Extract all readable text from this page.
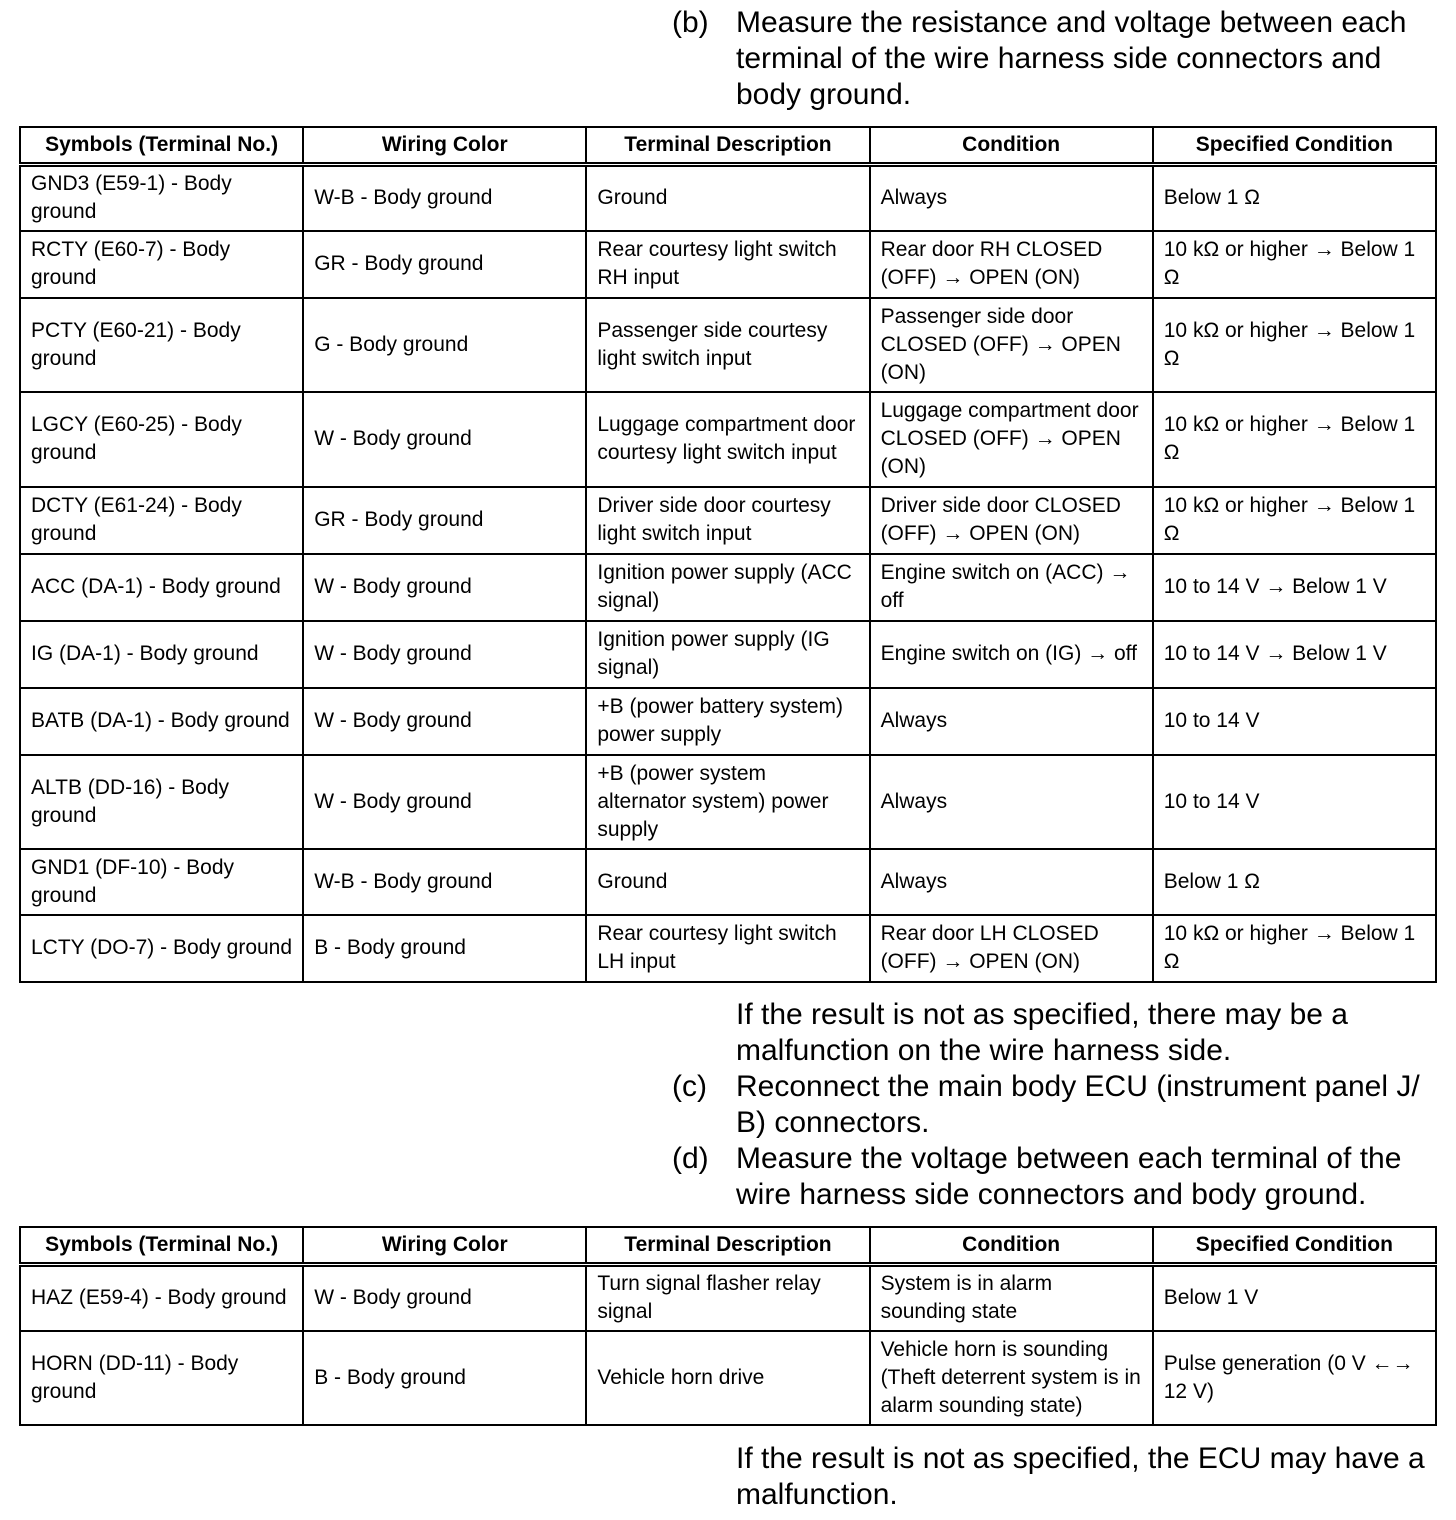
(b) Measure the resistance and voltage between each terminal of the wire harness side connectors and body ground.
Symbols (Terminal No.)	Wiring Color	Terminal Description	Condition	Specified Condition
GND3 (E59-1) - Body ground	W-B - Body ground	Ground	Always	Below 1 Ω
RCTY (E60-7) - Body ground	GR - Body ground	Rear courtesy light switch RH input	Rear door RH CLOSED (OFF) → OPEN (ON)	10 kΩ or higher → Below 1 Ω
PCTY (E60-21) - Body ground	G - Body ground	Passenger side courtesy light switch input	Passenger side door CLOSED (OFF) → OPEN (ON)	10 kΩ or higher → Below 1 Ω
LGCY (E60-25) - Body ground	W - Body ground	Luggage compartment door courtesy light switch input	Luggage compartment door CLOSED (OFF) → OPEN (ON)	10 kΩ or higher → Below 1 Ω
DCTY (E61-24) - Body ground	GR - Body ground	Driver side door courtesy light switch input	Driver side door CLOSED (OFF) → OPEN (ON)	10 kΩ or higher → Below 1 Ω
ACC (DA-1) - Body ground	W - Body ground	Ignition power supply (ACC signal)	Engine switch on (ACC) → off	10 to 14 V → Below 1 V
IG (DA-1) - Body ground	W - Body ground	Ignition power supply (IG signal)	Engine switch on (IG) → off	10 to 14 V → Below 1 V
BATB (DA-1) - Body ground	W - Body ground	+B (power battery system) power supply	Always	10 to 14 V
ALTB (DD-16) - Body ground	W - Body ground	+B (power system alternator system) power supply	Always	10 to 14 V
GND1 (DF-10) - Body ground	W-B - Body ground	Ground	Always	Below 1 Ω
LCTY (DO-7) - Body ground	B - Body ground	Rear courtesy light switch LH input	Rear door LH CLOSED (OFF) → OPEN (ON)	10 kΩ or higher → Below 1 Ω
If the result is not as specified, there may be a malfunction on the wire harness side.
(c) Reconnect the main body ECU (instrument panel J/ B) connectors.
(d) Measure the voltage between each terminal of the wire harness side connectors and body ground.
Symbols (Terminal No.)	Wiring Color	Terminal Description	Condition	Specified Condition
HAZ (E59-4) - Body ground	W - Body ground	Turn signal flasher relay signal	System is in alarm sounding state	Below 1 V
HORN (DD-11) - Body ground	B - Body ground	Vehicle horn drive	Vehicle horn is sounding (Theft deterrent system is in alarm sounding state)	Pulse generation (0 V ←→ 12 V)
If the result is not as specified, the ECU may have a malfunction.
